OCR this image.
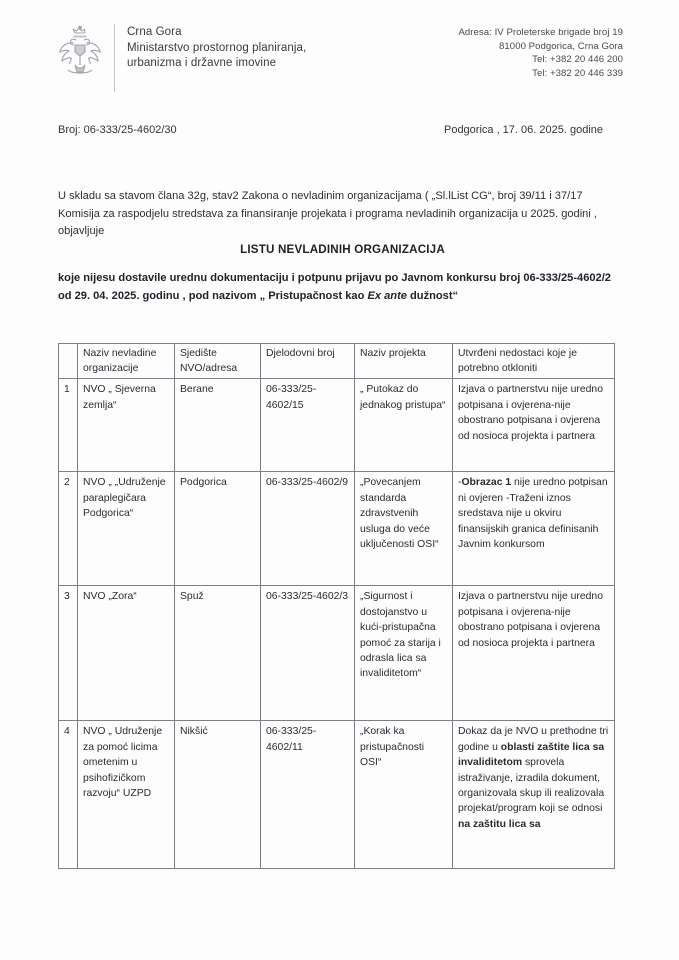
Crna Gora
Ministarstvo prostornog planiranja,
urbanizma i državne imovine
Adresa: IV Proleterske brigade broj 19
81000 Podgorica, Crna Gora
Tel: +382 20 446 200
Tel: +382 20 446 339
Broj: 06-333/25-4602/30	Podgorica , 17. 06. 2025. godine
U skladu sa stavom člana 32g, stav2 Zakona o nevladinim organizacijama ( „Sl.lList CG“, broj 39/11 i 37/17 Komisija za raspodjelu stredstava za finansiranje projekata i programa nevladinih organizacija u 2025. godini , objavljuje
LISTU NEVLADINIH ORGANIZACIJA
koje nijesu dostavile urednu dokumentaciju i potpunu prijavu po Javnom konkursu broj 06-333/25-4602/2 od 29. 04. 2025. godinu , pod nazivom „ Pristupačnost kao Ex ante dužnost“
	Naziv nevladine organizacije	Sjedište NVO/adresa	Djelodovni broj	Naziv projekta	Utvrđeni nedostaci koje je potrebno otkloniti
1	NVO „ Sjeverna zemlja“	Berane	06-333/25-4602/15	„ Putokaz do jednakog pristupa“	Izjava o partnerstvu nije uredno potpisana i ovjerena-nije obostrano potpisana i ovjerena od nosioca projekta i partnera
2	NVO „ „Udruženje paraplegičara Podgorica“	Podgorica	06-333/25-4602/9	„Povecanjem standarda zdravstvenih usluga do veće uključenosti OSI“	-Obrazac 1 nije uredno potpisan ni ovjeren -Traženi iznos sredstava nije u okviru finansijskih granica definisanih Javnim konkursom
3	NVO „Zora“	Spuž	06-333/25-4602/3	„Sigurnost i dostojanstvo u kući-pristupačna pomoć za starija i odrasla lica sa invaliditetom“	Izjava o partnerstvu nije uredno potpisana i ovjerena-nije obostrano potpisana i ovjerena od nosioca projekta i partnera
4	NVO „ Udruženje za pomoć licima ometenim u psihofizičkom razvoju“ UZPD	Nikšić	06-333/25-4602/11	„Korak ka pristupačnosti OSI“	Dokaz da je NVO u prethodne tri godine u oblasti zaštite lica sa invaliditetom sprovela istraživanje, izradila dokument, organizovala skup ili realizovala projekat/program koji se odnosi na zaštitu lica sa
